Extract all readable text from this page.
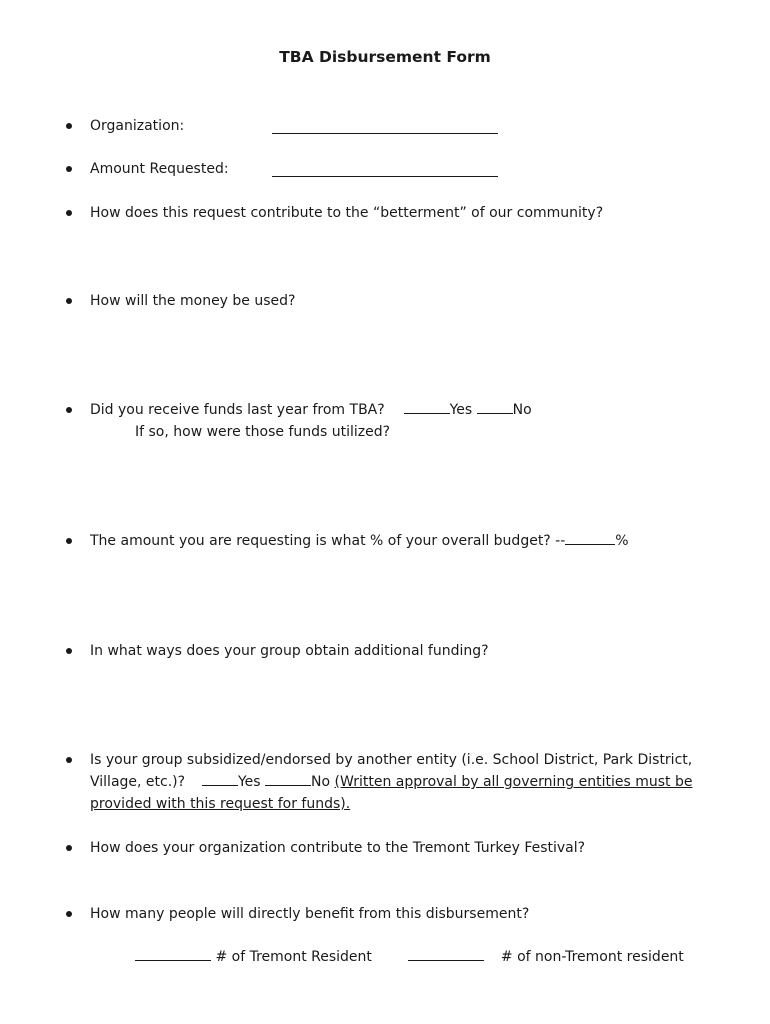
TBA Disbursement Form
Organization:
Amount Requested:
How does this request contribute to the “betterment” of our community?
How will the money be used?
Did you receive funds last year from TBA?	Yes	No
If so, how were those funds utilized?
The amount you are requesting is what % of your overall budget? --	%
In what ways does your group obtain additional funding?
Is your group subsidized/endorsed by another entity (i.e. School District, Park District,
Village, etc.)?	Yes	No (Written approval by all governing entities must be
provided with this request for funds).
How does your organization contribute to the Tremont Turkey Festival?
How many people will directly benefit from this disbursement?
# of Tremont Resident	# of non-Tremont resident
